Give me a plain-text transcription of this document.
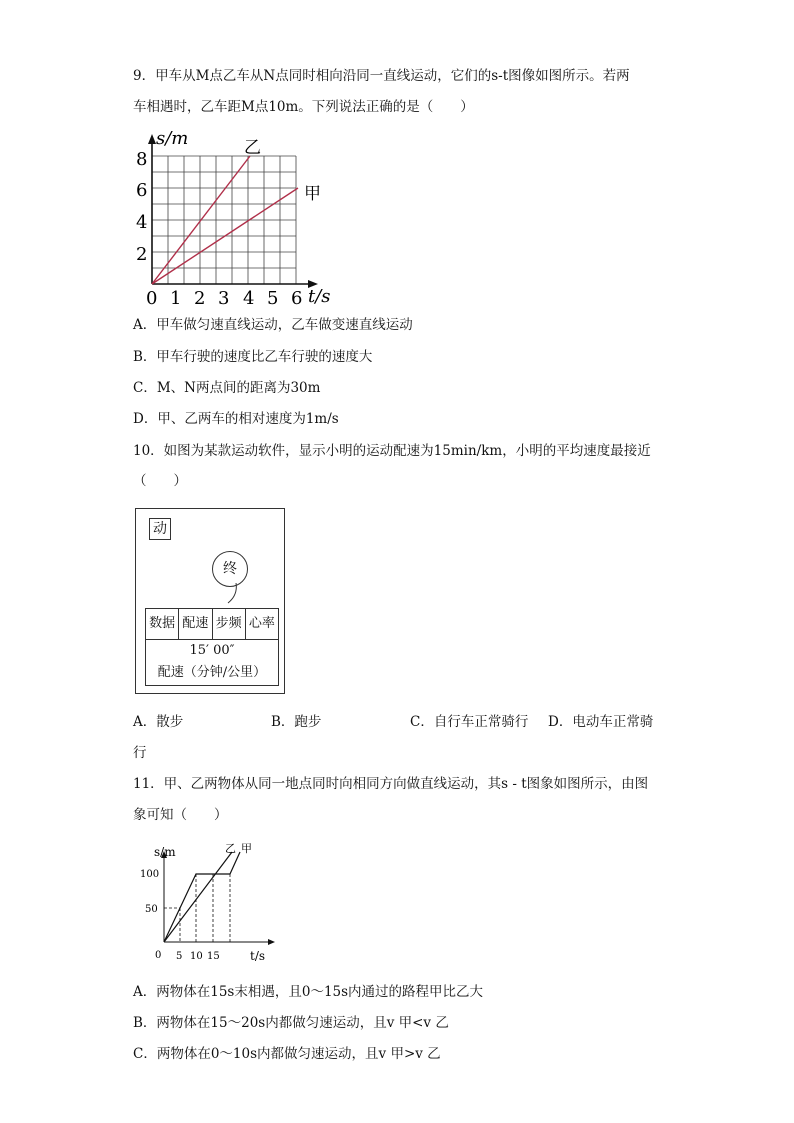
9．甲车从M点乙车从N点同时相向沿同一直线运动，它们的s-t图像如图所示。若两
车相遇时，乙车距M点10m。下列说法正确的是（　　）
s/m
t/s
乙
甲
8
6
4
2
0 1 2 3 4 5 6
A．甲车做匀速直线运动，乙车做变速直线运动
B．甲车行驶的速度比乙车行驶的速度大
C．M、N两点间的距离为30m
D．甲、乙两车的相对速度为1m/s
10．如图为某款运动软件，显示小明的运动配速为15min/km，小明的平均速度最接近
（　　）
动
终
数据 配速 步频 心率
15′ 00″
配速（分钟/公里）
A．散步	B．跑步	C．自行车正常骑行 D．电动车正常骑
行
11．甲、乙两物体从同一地点同时向相同方向做直线运动，其s - t图象如图所示，由图
象可知（　　）
s/m
t/s
乙 甲
100
50
0 5 10 15
A．两物体在15s末相遇，且0～15s内通过的路程甲比乙大
B．两物体在15～20s内都做匀速运动，且v 甲<v 乙
C．两物体在0～10s内都做匀速运动，且v 甲>v 乙
